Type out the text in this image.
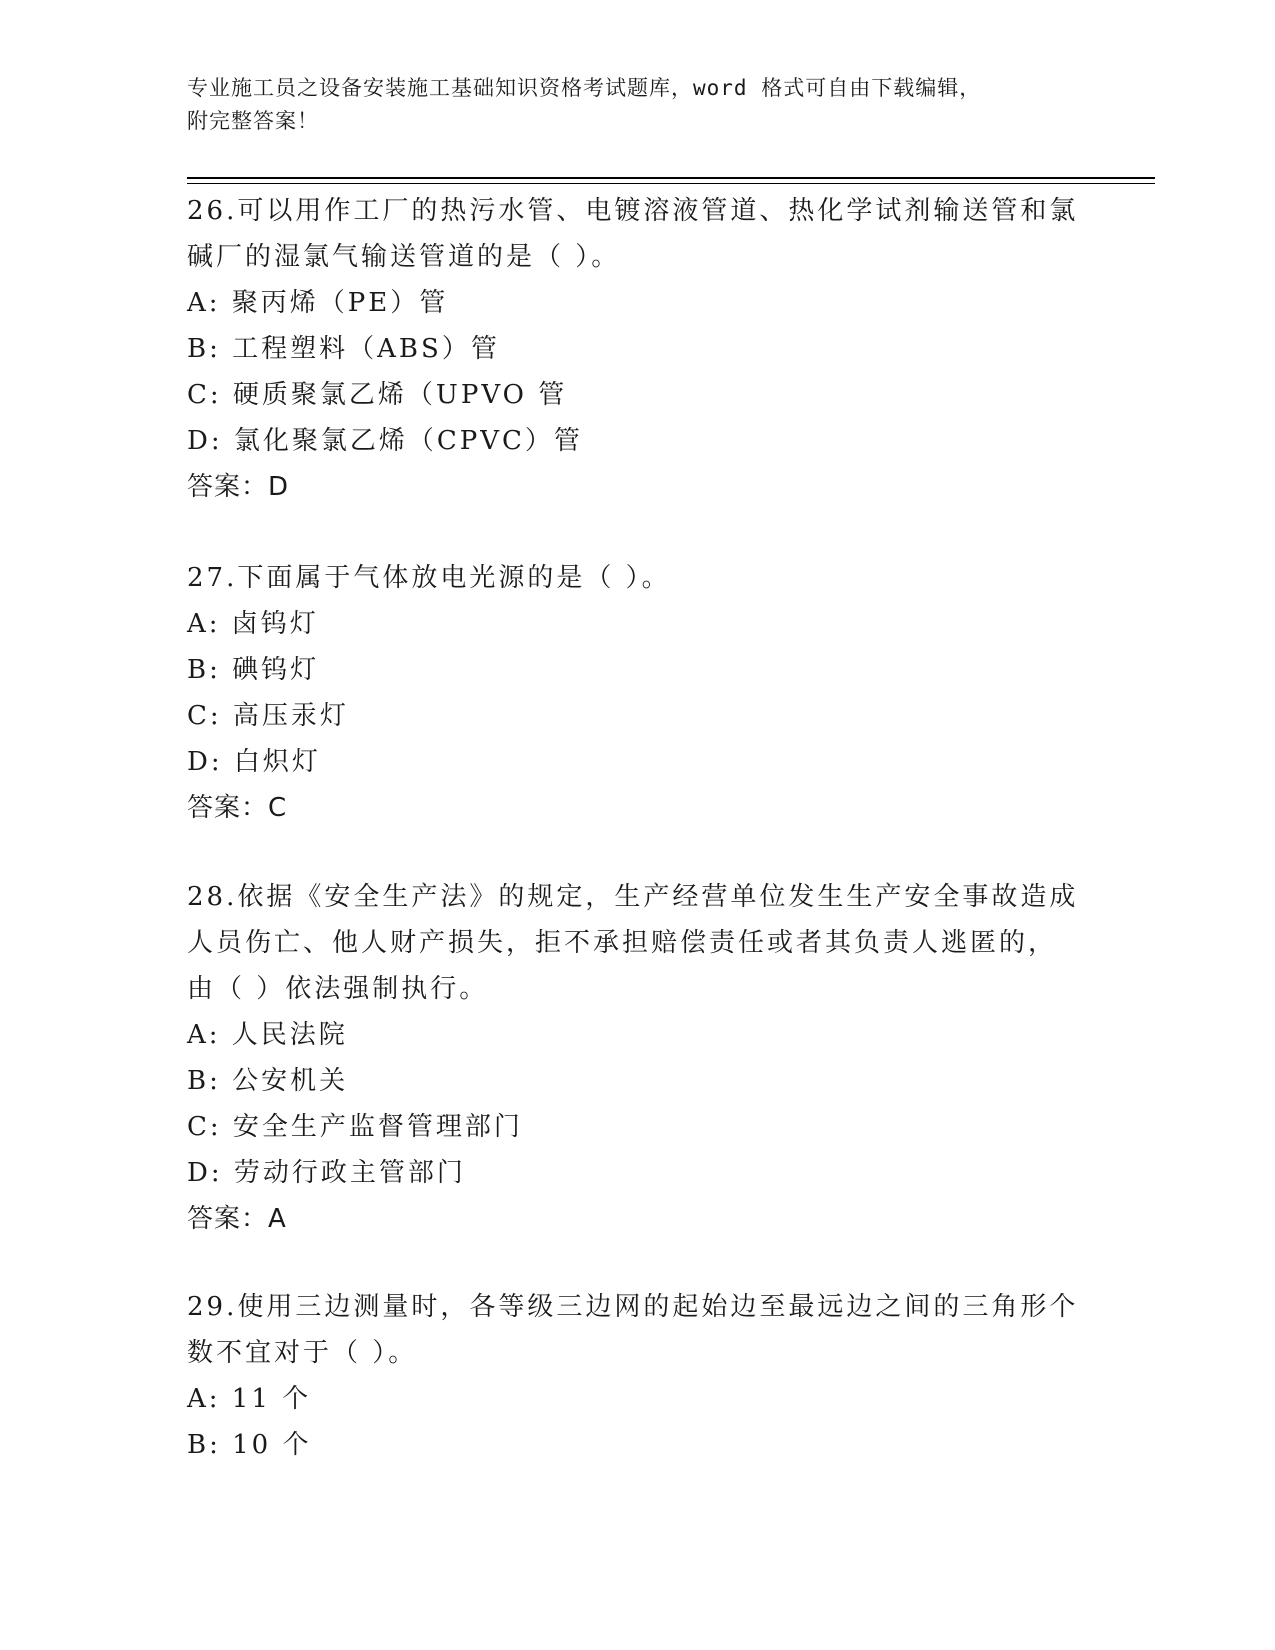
专业施工员之设备安装施工基础知识资格考试题库，word 格式可自由下载编辑，
附完整答案！

26.可以用作工厂的热污水管、电镀溶液管道、热化学试剂输送管和氯

碱厂的湿氯气输送管道的是（ ）。

A: 聚丙烯（PE）管

B: 工程塑料（ABS）管

C: 硬质聚氯乙烯（UPVO 管

D: 氯化聚氯乙烯（CPVC）管

答案：D

27.下面属于气体放电光源的是（ ）。

A: 卤钨灯

B: 碘钨灯

C: 高压汞灯

D: 白炽灯

答案：C

28.依据《安全生产法》的规定，生产经营单位发生生产安全事故造成

人员伤亡、他人财产损失，拒不承担赔偿责任或者其负责人逃匿的，

由（ ）依法强制执行。

A: 人民法院

B: 公安机关

C: 安全生产监督管理部门

D: 劳动行政主管部门

答案：A

29.使用三边测量时，各等级三边网的起始边至最远边之间的三角形个

数不宜对于（ ）。

A: 11 个

B: 10 个
